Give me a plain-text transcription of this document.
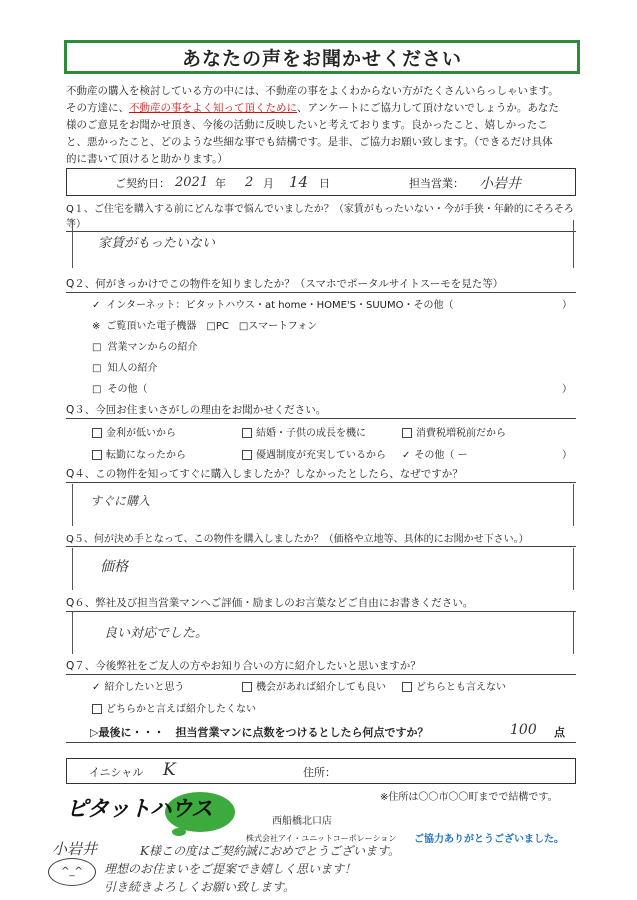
あなたの声をお聞かせください
不動産の購入を検討している方の中には、不動産の事をよくわからない方がたくさんいらっしゃいます。
その方達に、不動産の事をよく知って頂くために、アンケートにご協力して頂けないでしょうか。あなた
様のご意見をお聞かせ頂き、今後の活動に反映したいと考えております。良かったこと、嬉しかったこ
と、悪かったこと、どのような些細な事でも結構です。是非、ご協力お願い致します。（できるだけ具体
的に書いて頂けると助かります。）
ご契約日： 2021 年 2 月 14 日	担当営業： 小岩井
Q１、ご住宅を購入する前にどんな事で悩んでいましたか？（家賃がもったいない・今が手狭・年齢的にそろそろ等）
家賃がもったいない
Q２、何がきっかけでこの物件を知りましたか？（スマホでポータルサイトスーモを見た等）
✓ インターネット：ピタットハウス・at home・HOME'S・SUUMO・その他（	）
※ ご覧頂いた電子機器　□PC　□スマートフォン
□ 営業マンからの紹介
□ 知人の紹介
□ その他（	）
Q３、今回お住まいさがしの理由をお聞かせください。
金利が低いから	結婚・子供の成長を機に	消費税増税前だから
転勤になったから	優遇制度が充実しているから ✓ その他（ ー	）
Q４、この物件を知ってすぐに購入しましたか？しなかったとしたら、なぜですか？
すぐに購入
Q５、何が決め手となって、この物件を購入しましたか？（価格や立地等、具体的にお聞かせ下さい。）
価格
Q６、弊社及び担当営業マンへご評価・励ましのお言葉などご自由にお書きください。
良い対応でした。
Q７、今後弊社をご友人の方やお知り合いの方に紹介したいと思いますか？
✓ 紹介したいと思う	機会があれば紹介しても良い	どちらとも言えない
どちらかと言えば紹介したくない
▷最後に・・・　担当営業マンに点数をつけるとしたら何点ですか？	100 点
イニシャル K	住所：
※住所は〇〇市〇〇町までで結構です。
ピタットハウス	西船橋北口店
株式会社アイ・ユニットコーポレーション ご協力ありがとうございました。
小岩井
^_^
K様この度はご契約誠におめでとうございます。
理想のお住まいをご提案でき嬉しく思います！
引き続きよろしくお願い致します。
